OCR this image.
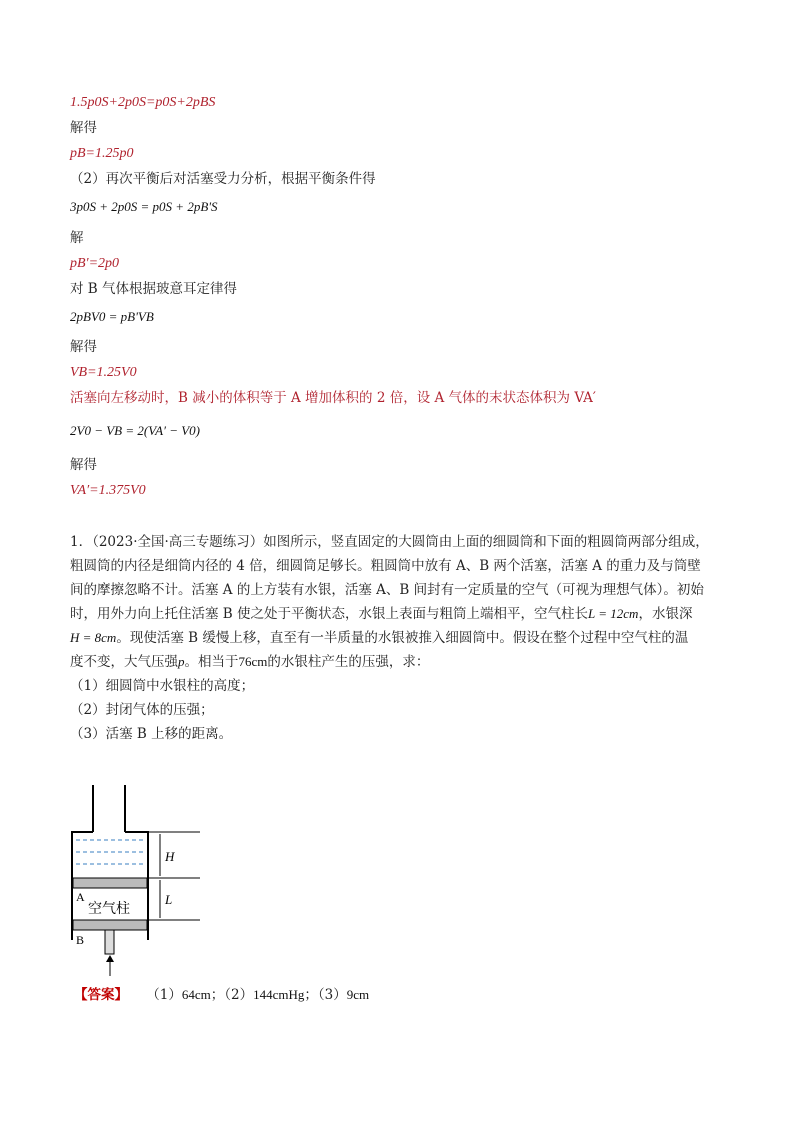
1.5p0S+2p0S=p0S+2pBS
解得
pB=1.25p0
（2）再次平衡后对活塞受力分析，根据平衡条件得
3p0S + 2p0S = p0S + 2pB'S
解
pB′=2p0
对 B 气体根据玻意耳定律得
2pBV0 = pB'VB
解得
VB=1.25V0
活塞向左移动时，B 减小的体积等于 A 增加体积的 2 倍，设 A 气体的末状态体积为 VA′
2V0 − VB = 2(VA′ − V0)
解得
VA′=1.375V0
1．（2023·全国·高三专题练习）如图所示，竖直固定的大圆筒由上面的细圆筒和下面的粗圆筒两部分组成，
粗圆筒的内径是细筒内径的 4 倍，细圆筒足够长。粗圆筒中放有 A、B 两个活塞，活塞 A 的重力及与筒壁
间的摩擦忽略不计。活塞 A 的上方装有水银，活塞 A、B 间封有一定质量的空气（可视为理想气体）。初始
时，用外力向上托住活塞 B 使之处于平衡状态，水银上表面与粗筒上端相平，空气柱长L = 12cm，水银深
H = 8cm。现使活塞 B 缓慢上移，直至有一半质量的水银被推入细圆筒中。假设在整个过程中空气柱的温
度不变，大气压强p。相当于76cm的水银柱产生的压强，求：
（1）细圆筒中水银柱的高度；
（2）封闭气体的压强；
（3）活塞 B 上移的距离。
H
L
A
空气柱
B
【答案】 （1）64cm；（2）144cmHg；（3）9cm
